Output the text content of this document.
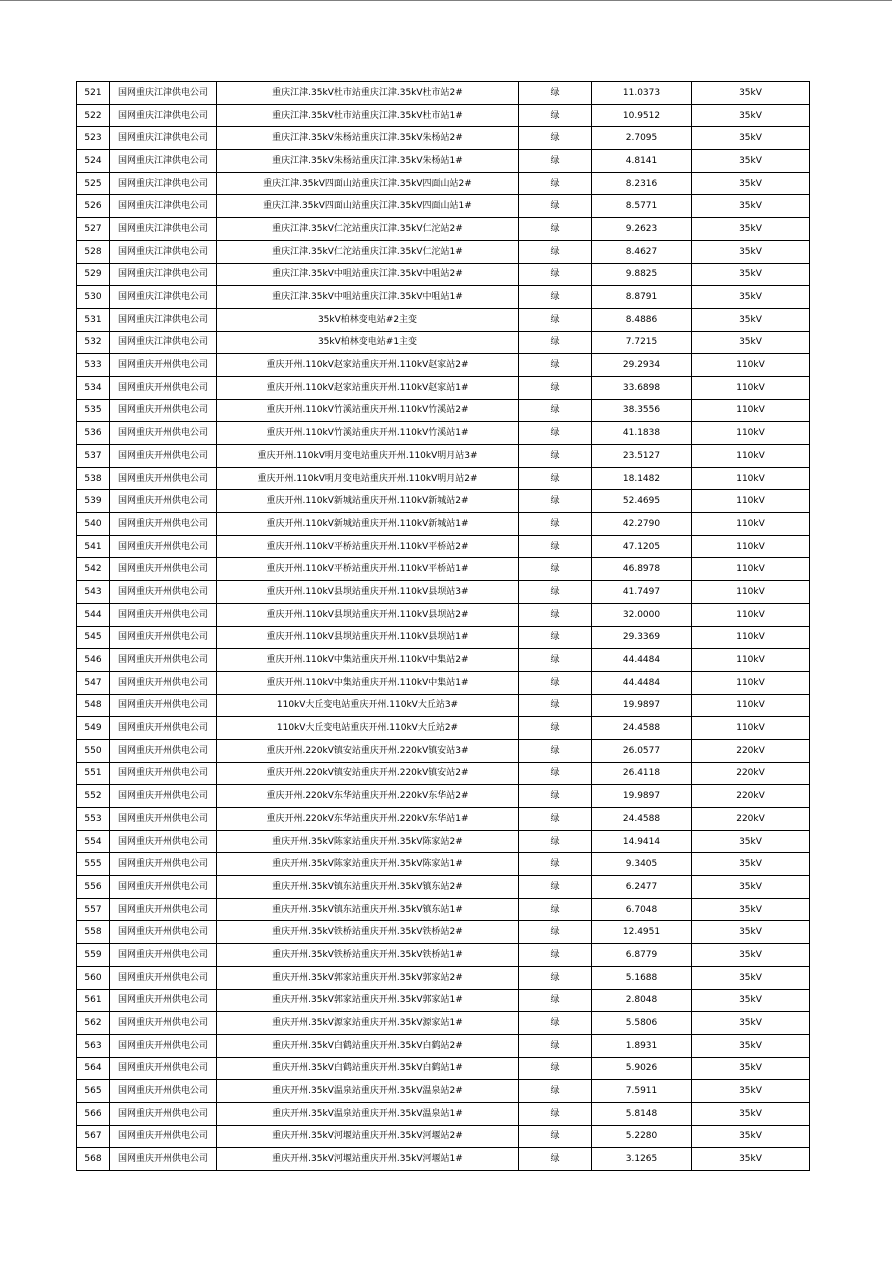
521	国网重庆江津供电公司	重庆江津.35kV杜市站重庆江津.35kV杜市站2#	绿	11.0373	35kV
522	国网重庆江津供电公司	重庆江津.35kV杜市站重庆江津.35kV杜市站1#	绿	10.9512	35kV
523	国网重庆江津供电公司	重庆江津.35kV朱杨站重庆江津.35kV朱杨站2#	绿	2.7095	35kV
524	国网重庆江津供电公司	重庆江津.35kV朱杨站重庆江津.35kV朱杨站1#	绿	4.8141	35kV
525	国网重庆江津供电公司	重庆江津.35kV四面山站重庆江津.35kV四面山站2#	绿	8.2316	35kV
526	国网重庆江津供电公司	重庆江津.35kV四面山站重庆江津.35kV四面山站1#	绿	8.5771	35kV
527	国网重庆江津供电公司	重庆江津.35kV仁沱站重庆江津.35kV仁沱站2#	绿	9.2623	35kV
528	国网重庆江津供电公司	重庆江津.35kV仁沱站重庆江津.35kV仁沱站1#	绿	8.4627	35kV
529	国网重庆江津供电公司	重庆江津.35kV中咀站重庆江津.35kV中咀站2#	绿	9.8825	35kV
530	国网重庆江津供电公司	重庆江津.35kV中咀站重庆江津.35kV中咀站1#	绿	8.8791	35kV
531	国网重庆江津供电公司	35kV柏林变电站#2主变	绿	8.4886	35kV
532	国网重庆江津供电公司	35kV柏林变电站#1主变	绿	7.7215	35kV
533	国网重庆开州供电公司	重庆开州.110kV赵家站重庆开州.110kV赵家站2#	绿	29.2934	110kV
534	国网重庆开州供电公司	重庆开州.110kV赵家站重庆开州.110kV赵家站1#	绿	33.6898	110kV
535	国网重庆开州供电公司	重庆开州.110kV竹溪站重庆开州.110kV竹溪站2#	绿	38.3556	110kV
536	国网重庆开州供电公司	重庆开州.110kV竹溪站重庆开州.110kV竹溪站1#	绿	41.1838	110kV
537	国网重庆开州供电公司	重庆开州.110kV明月变电站重庆开州.110kV明月站3#	绿	23.5127	110kV
538	国网重庆开州供电公司	重庆开州.110kV明月变电站重庆开州.110kV明月站2#	绿	18.1482	110kV
539	国网重庆开州供电公司	重庆开州.110kV新城站重庆开州.110kV新城站2#	绿	52.4695	110kV
540	国网重庆开州供电公司	重庆开州.110kV新城站重庆开州.110kV新城站1#	绿	42.2790	110kV
541	国网重庆开州供电公司	重庆开州.110kV平桥站重庆开州.110kV平桥站2#	绿	47.1205	110kV
542	国网重庆开州供电公司	重庆开州.110kV平桥站重庆开州.110kV平桥站1#	绿	46.8978	110kV
543	国网重庆开州供电公司	重庆开州.110kV县坝站重庆开州.110kV县坝站3#	绿	41.7497	110kV
544	国网重庆开州供电公司	重庆开州.110kV县坝站重庆开州.110kV县坝站2#	绿	32.0000	110kV
545	国网重庆开州供电公司	重庆开州.110kV县坝站重庆开州.110kV县坝站1#	绿	29.3369	110kV
546	国网重庆开州供电公司	重庆开州.110kV中集站重庆开州.110kV中集站2#	绿	44.4484	110kV
547	国网重庆开州供电公司	重庆开州.110kV中集站重庆开州.110kV中集站1#	绿	44.4484	110kV
548	国网重庆开州供电公司	110kV大丘变电站重庆开州.110kV大丘站3#	绿	19.9897	110kV
549	国网重庆开州供电公司	110kV大丘变电站重庆开州.110kV大丘站2#	绿	24.4588	110kV
550	国网重庆开州供电公司	重庆开州.220kV镇安站重庆开州.220kV镇安站3#	绿	26.0577	220kV
551	国网重庆开州供电公司	重庆开州.220kV镇安站重庆开州.220kV镇安站2#	绿	26.4118	220kV
552	国网重庆开州供电公司	重庆开州.220kV东华站重庆开州.220kV东华站2#	绿	19.9897	220kV
553	国网重庆开州供电公司	重庆开州.220kV东华站重庆开州.220kV东华站1#	绿	24.4588	220kV
554	国网重庆开州供电公司	重庆开州.35kV陈家站重庆开州.35kV陈家站2#	绿	14.9414	35kV
555	国网重庆开州供电公司	重庆开州.35kV陈家站重庆开州.35kV陈家站1#	绿	9.3405	35kV
556	国网重庆开州供电公司	重庆开州.35kV镇东站重庆开州.35kV镇东站2#	绿	6.2477	35kV
557	国网重庆开州供电公司	重庆开州.35kV镇东站重庆开州.35kV镇东站1#	绿	6.7048	35kV
558	国网重庆开州供电公司	重庆开州.35kV铁桥站重庆开州.35kV铁桥站2#	绿	12.4951	35kV
559	国网重庆开州供电公司	重庆开州.35kV铁桥站重庆开州.35kV铁桥站1#	绿	6.8779	35kV
560	国网重庆开州供电公司	重庆开州.35kV郭家站重庆开州.35kV郭家站2#	绿	5.1688	35kV
561	国网重庆开州供电公司	重庆开州.35kV郭家站重庆开州.35kV郭家站1#	绿	2.8048	35kV
562	国网重庆开州供电公司	重庆开州.35kV源家站重庆开州.35kV源家站1#	绿	5.5806	35kV
563	国网重庆开州供电公司	重庆开州.35kV白鹤站重庆开州.35kV白鹤站2#	绿	1.8931	35kV
564	国网重庆开州供电公司	重庆开州.35kV白鹤站重庆开州.35kV白鹤站1#	绿	5.9026	35kV
565	国网重庆开州供电公司	重庆开州.35kV温泉站重庆开州.35kV温泉站2#	绿	7.5911	35kV
566	国网重庆开州供电公司	重庆开州.35kV温泉站重庆开州.35kV温泉站1#	绿	5.8148	35kV
567	国网重庆开州供电公司	重庆开州.35kV河堰站重庆开州.35kV河堰站2#	绿	5.2280	35kV
568	国网重庆开州供电公司	重庆开州.35kV河堰站重庆开州.35kV河堰站1#	绿	3.1265	35kV
